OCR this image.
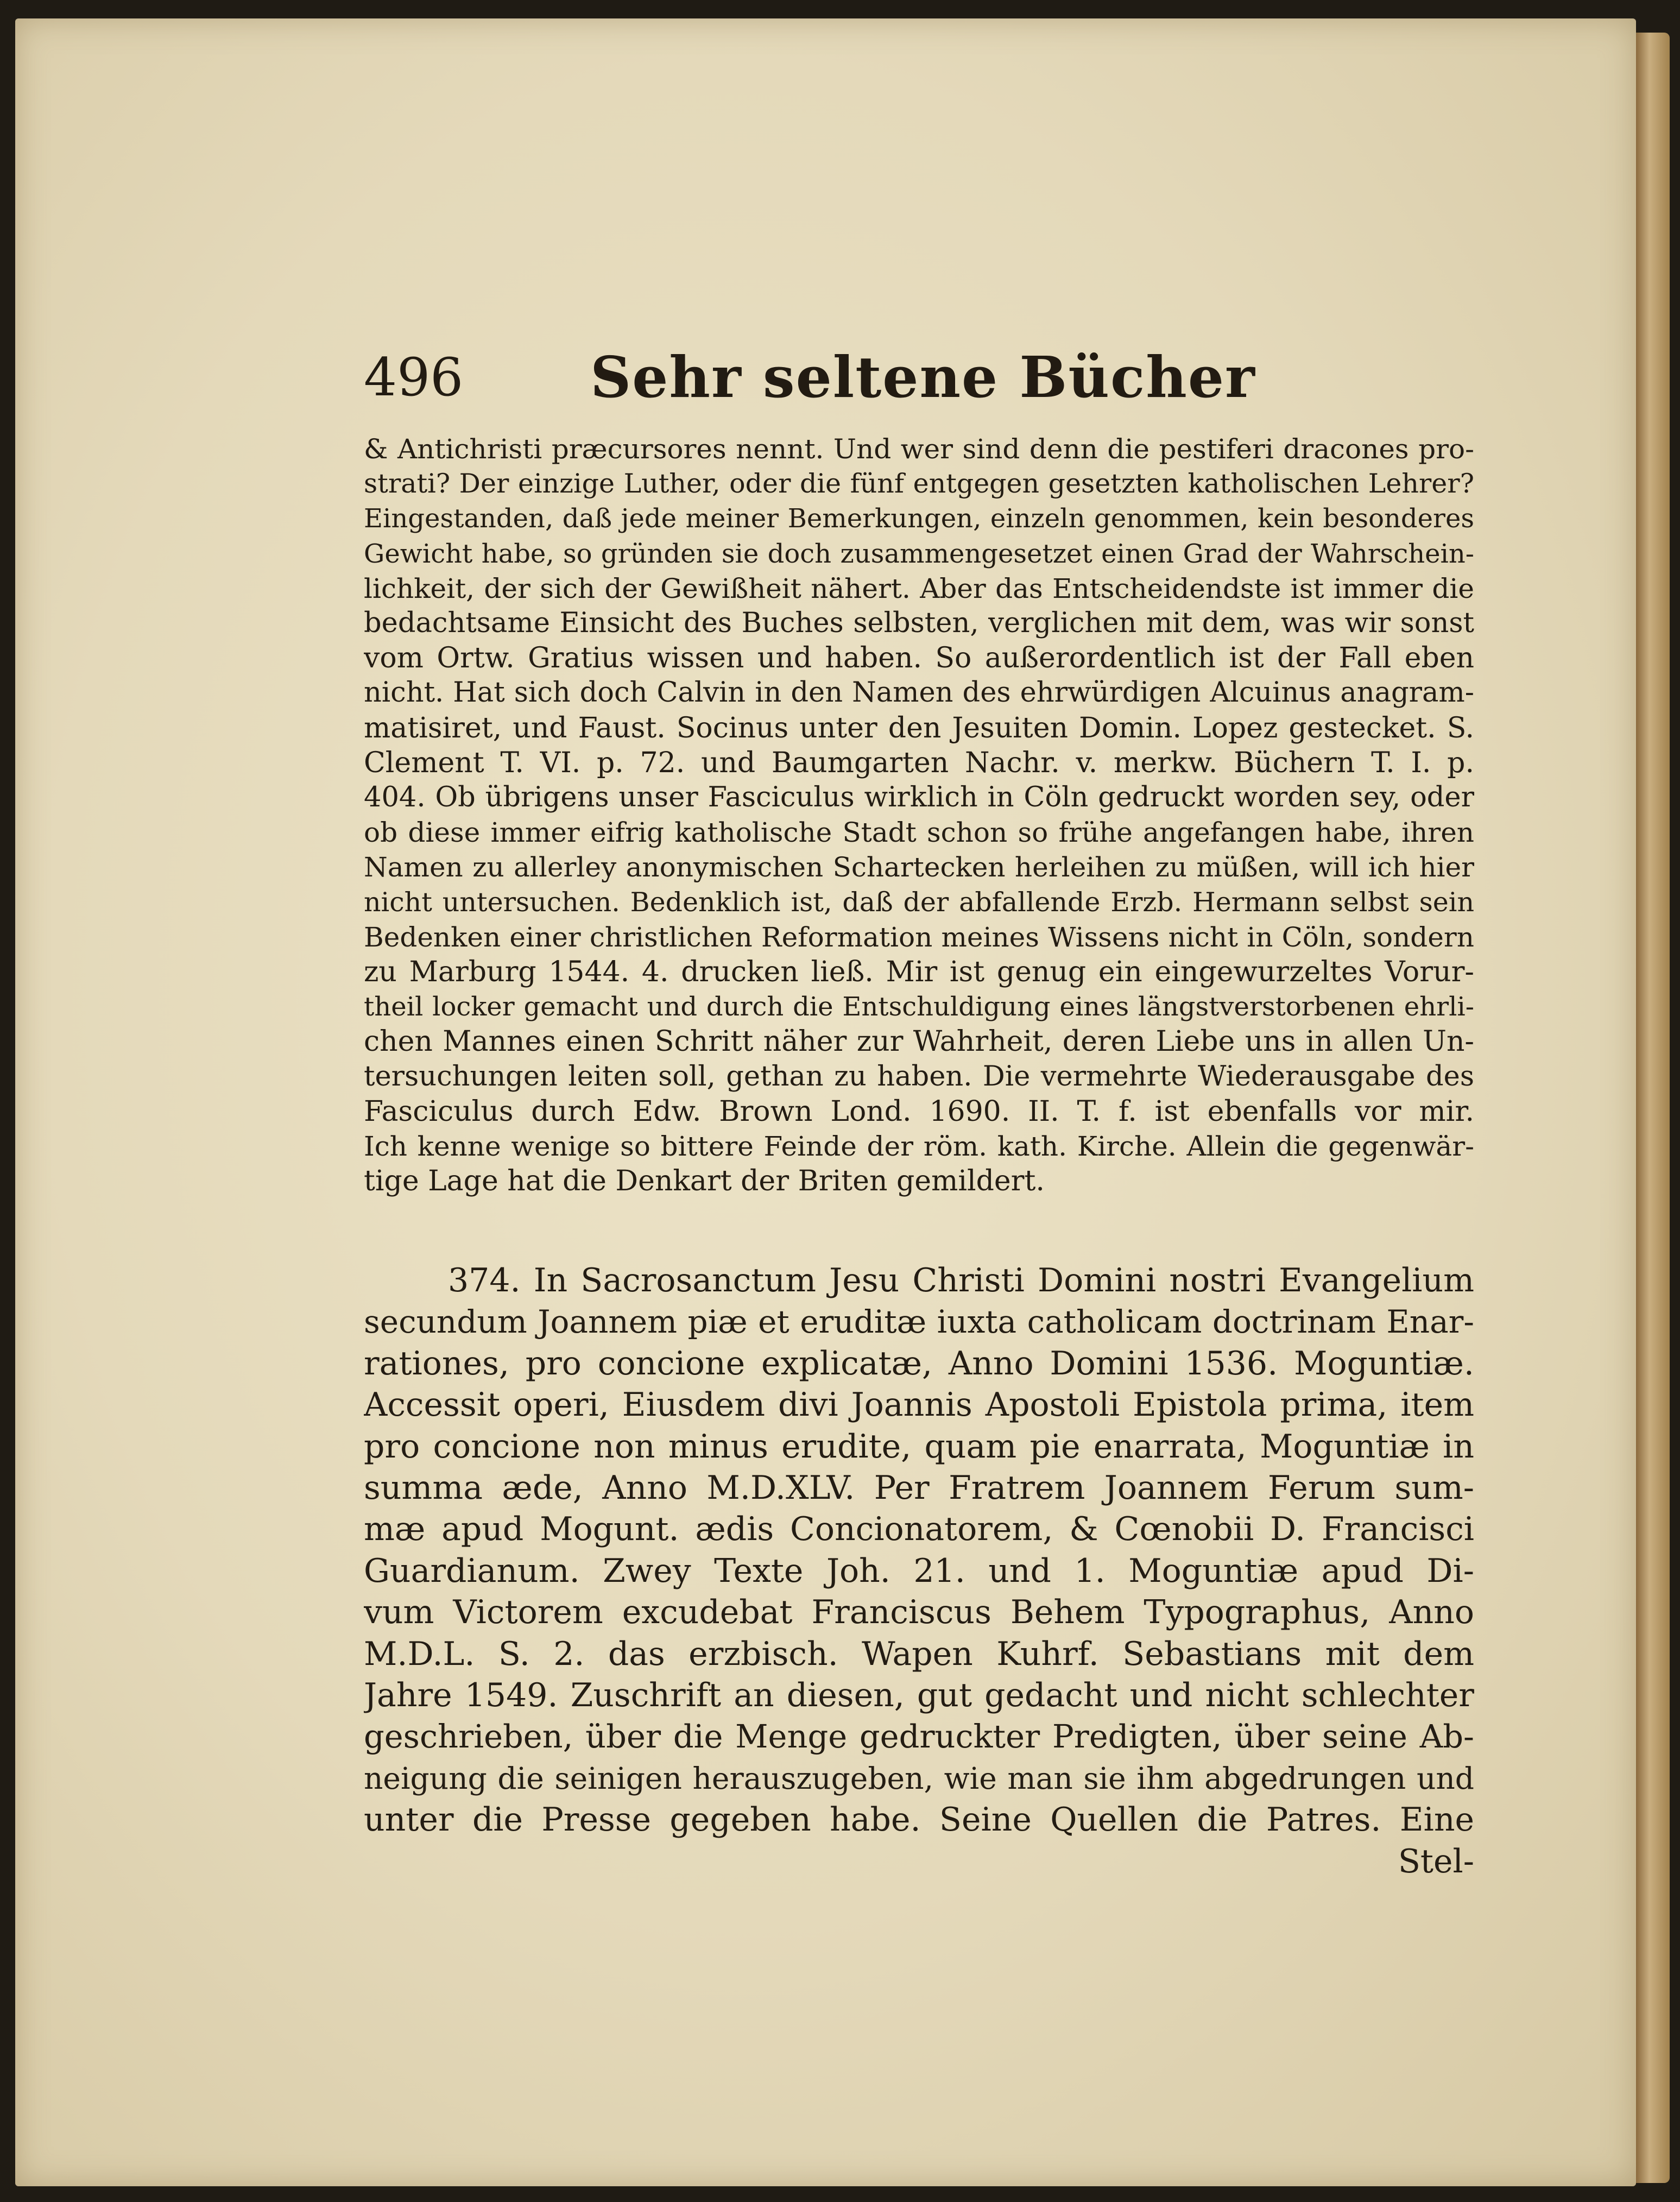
496	Sehr seltene Bücher
& Antichristi præcursores nennt. Und wer sind denn die pestiferi dracones pro-
strati? Der einzige Luther, oder die fünf entgegen gesetzten katholischen Lehrer?
Eingestanden, daß jede meiner Bemerkungen, einzeln genommen, kein besonderes
Gewicht habe, so gründen sie doch zusammengesetzet einen Grad der Wahrschein-
lichkeit, der sich der Gewißheit nähert. Aber das Entscheidendste ist immer die
bedachtsame Einsicht des Buches selbsten, verglichen mit dem, was wir sonst
vom Ortw. Gratius wissen und haben. So außerordentlich ist der Fall eben
nicht. Hat sich doch Calvin in den Namen des ehrwürdigen Alcuinus anagram-
matisiret, und Faust. Socinus unter den Jesuiten Domin. Lopez gestecket. S.
Clement T. VI. p. 72. und Baumgarten Nachr. v. merkw. Büchern T. I. p.
404. Ob übrigens unser Fasciculus wirklich in Cöln gedruckt worden sey, oder
ob diese immer eifrig katholische Stadt schon so frühe angefangen habe, ihren
Namen zu allerley anonymischen Schartecken herleihen zu müßen, will ich hier
nicht untersuchen. Bedenklich ist, daß der abfallende Erzb. Hermann selbst sein
Bedenken einer christlichen Reformation meines Wissens nicht in Cöln, sondern
zu Marburg 1544. 4. drucken ließ. Mir ist genug ein eingewurzeltes Vorur-
theil locker gemacht und durch die Entschuldigung eines längstverstorbenen ehrli-
chen Mannes einen Schritt näher zur Wahrheit, deren Liebe uns in allen Un-
tersuchungen leiten soll, gethan zu haben. Die vermehrte Wiederausgabe des
Fasciculus durch Edw. Brown Lond. 1690. II. T. f. ist ebenfalls vor mir.
Ich kenne wenige so bittere Feinde der röm. kath. Kirche. Allein die gegenwär-
tige Lage hat die Denkart der Briten gemildert.
374. In Sacrosanctum Jesu Christi Domini nostri Evangelium
secundum Joannem piæ et eruditæ iuxta catholicam doctrinam Enar-
rationes, pro concione explicatæ, Anno Domini 1536. Moguntiæ.
Accessit operi, Eiusdem divi Joannis Apostoli Epistola prima, item
pro concione non minus erudite, quam pie enarrata, Moguntiæ in
summa æde, Anno M.D.XLV. Per Fratrem Joannem Ferum sum-
mæ apud Mogunt. ædis Concionatorem, & Cœnobii D. Francisci
Guardianum. Zwey Texte Joh. 21. und 1. Moguntiæ apud Di-
vum Victorem excudebat Franciscus Behem Typographus, Anno
M.D.L. S. 2. das erzbisch. Wapen Kuhrf. Sebastians mit dem
Jahre 1549. Zuschrift an diesen, gut gedacht und nicht schlechter
geschrieben, über die Menge gedruckter Predigten, über seine Ab-
neigung die seinigen herauszugeben, wie man sie ihm abgedrungen und
unter die Presse gegeben habe. Seine Quellen die Patres. Eine
Stel-
